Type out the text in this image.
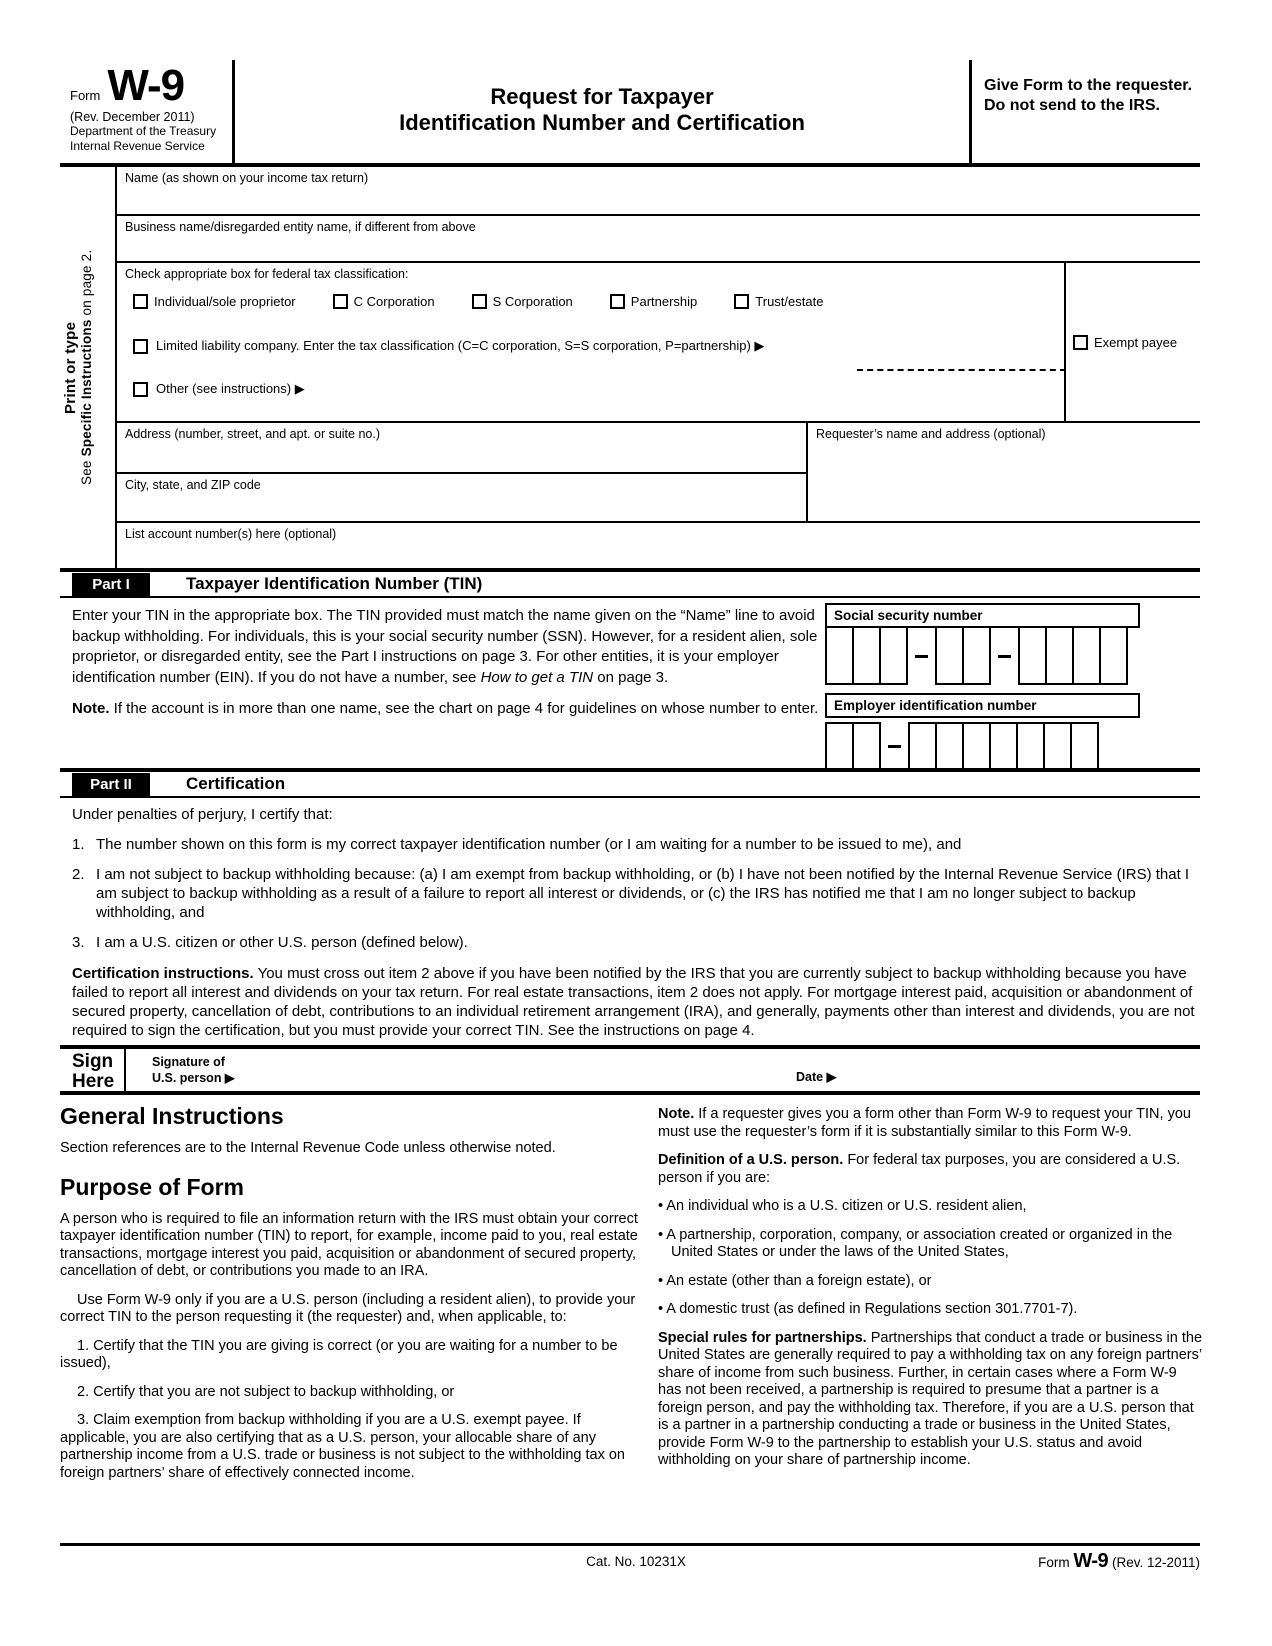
Form W-9
(Rev. December 2011)
Department of the Treasury
Internal Revenue Service
Request for Taxpayer
Identification Number and Certification
Give Form to the requester. Do not send to the IRS.
Print or type
See Specific Instructions on page 2.
Name (as shown on your income tax return)
Business name/disregarded entity name, if different from above
Check appropriate box for federal tax classification:
Individual/sole proprietor	C Corporation	S Corporation	Partnership	Trust/estate
Limited liability company. Enter the tax classification (C=C corporation, S=S corporation, P=partnership) ▶
Other (see instructions) ▶
Exempt payee
Address (number, street, and apt. or suite no.)
City, state, and ZIP code
Requester’s name and address (optional)
List account number(s) here (optional)
Part I	Taxpayer Identification Number (TIN)
Enter your TIN in the appropriate box. The TIN provided must match the name given on the “Name” line to avoid backup withholding. For individuals, this is your social security number (SSN). However, for a resident alien, sole proprietor, or disregarded entity, see the Part I instructions on page 3. For other entities, it is your employer identification number (EIN). If you do not have a number, see How to get a TIN on page 3.
Note. If the account is in more than one name, see the chart on page 4 for guidelines on whose number to enter.
Social security number
Employer identification number
Part II	Certification
Under penalties of perjury, I certify that:
1. The number shown on this form is my correct taxpayer identification number (or I am waiting for a number to be issued to me), and
2. I am not subject to backup withholding because: (a) I am exempt from backup withholding, or (b) I have not been notified by the Internal Revenue Service (IRS) that I am subject to backup withholding as a result of a failure to report all interest or dividends, or (c) the IRS has notified me that I am no longer subject to backup withholding, and
3. I am a U.S. citizen or other U.S. person (defined below).
Certification instructions. You must cross out item 2 above if you have been notified by the IRS that you are currently subject to backup withholding because you have failed to report all interest and dividends on your tax return. For real estate transactions, item 2 does not apply. For mortgage interest paid, acquisition or abandonment of secured property, cancellation of debt, contributions to an individual retirement arrangement (IRA), and generally, payments other than interest and dividends, you are not required to sign the certification, but you must provide your correct TIN. See the instructions on page 4.
Sign
Here
Signature of
U.S. person ▶	Date ▶
General Instructions

Section references are to the Internal Revenue Code unless otherwise noted.

Purpose of Form

A person who is required to file an information return with the IRS must obtain your correct taxpayer identification number (TIN) to report, for example, income paid to you, real estate transactions, mortgage interest you paid, acquisition or abandonment of secured property, cancellation of debt, or contributions you made to an IRA.

Use Form W-9 only if you are a U.S. person (including a resident alien), to provide your correct TIN to the person requesting it (the requester) and, when applicable, to:

1. Certify that the TIN you are giving is correct (or you are waiting for a number to be issued),

2. Certify that you are not subject to backup withholding, or

3. Claim exemption from backup withholding if you are a U.S. exempt payee. If applicable, you are also certifying that as a U.S. person, your allocable share of any partnership income from a U.S. trade or business is not subject to the withholding tax on foreign partners’ share of effectively connected income.

Note. If a requester gives you a form other than Form W-9 to request your TIN, you must use the requester’s form if it is substantially similar to this Form W-9.

Definition of a U.S. person. For federal tax purposes, you are considered a U.S. person if you are:

• An individual who is a U.S. citizen or U.S. resident alien,

• A partnership, corporation, company, or association created or organized in the United States or under the laws of the United States,

• An estate (other than a foreign estate), or

• A domestic trust (as defined in Regulations section 301.7701-7).

Special rules for partnerships. Partnerships that conduct a trade or business in the United States are generally required to pay a withholding tax on any foreign partners’ share of income from such business. Further, in certain cases where a Form W-9 has not been received, a partnership is required to presume that a partner is a foreign person, and pay the withholding tax. Therefore, if you are a U.S. person that is a partner in a partnership conducting a trade or business in the United States, provide Form W-9 to the partnership to establish your U.S. status and avoid withholding on your share of partnership income.

Cat. No. 10231X	Form W-9 (Rev. 12-2011)
